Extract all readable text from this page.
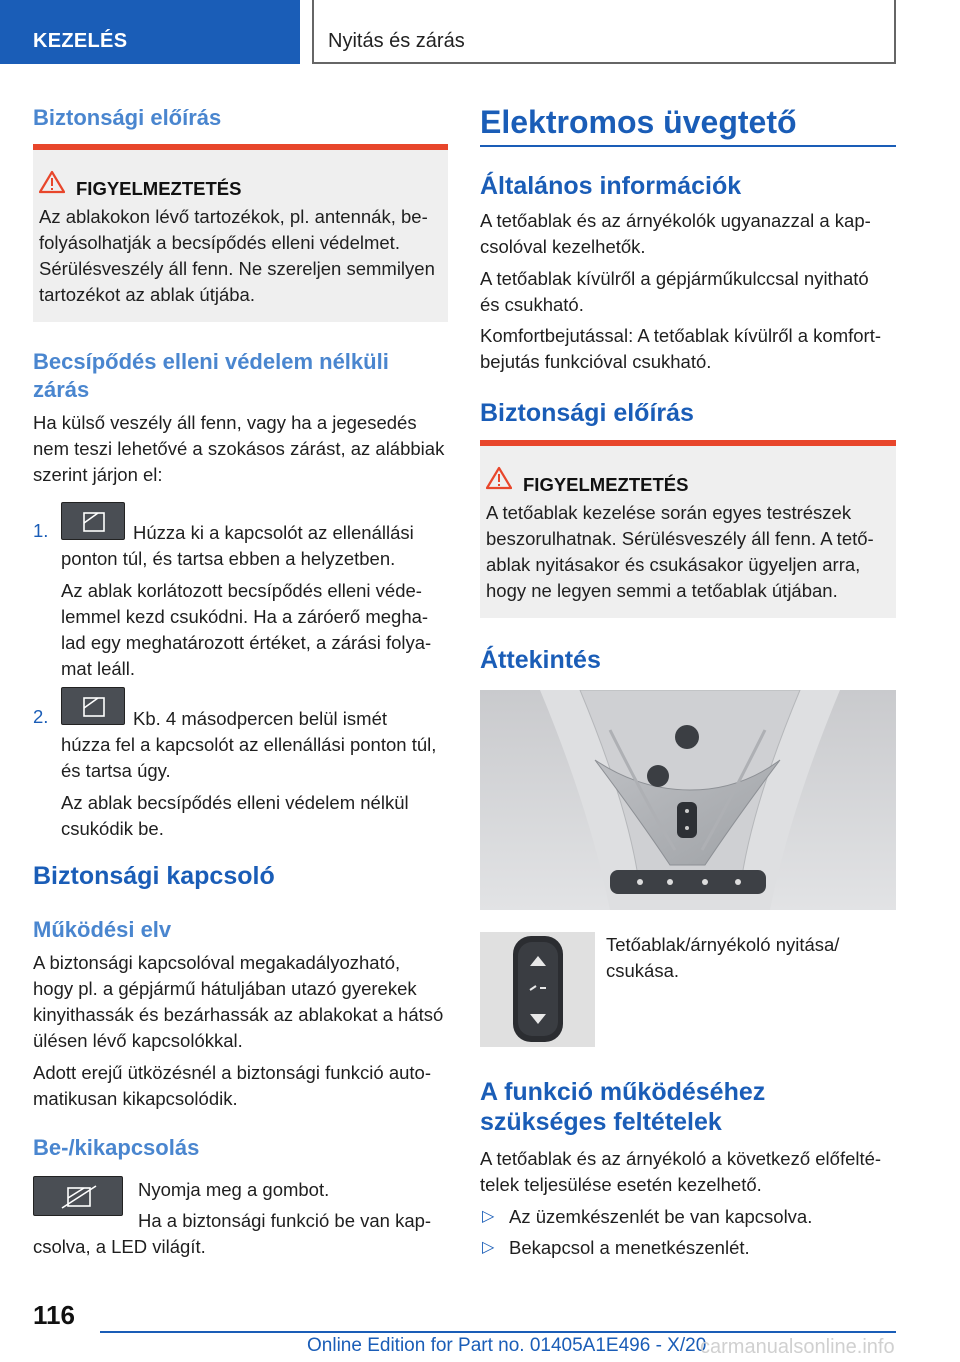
KEZELÉS	Nyitás és zárás
Biztonsági előírás
FIGYELMEZTETÉS
Az ablakokon lévő tartozékok, pl. antennák, be-
folyásolhatják a becsípődés elleni védelmet.
Sérülésveszély áll fenn. Ne szereljen semmilyen
tartozékot az ablak útjába.
Becsípődés elleni védelem nélküli
zárás
Ha külső veszély áll fenn, vagy ha a jegesedés
nem teszi lehetővé a szokásos zárást, az alábbiak
szerint járjon el:
1.	Húzza ki a kapcsolót az ellenállási
ponton túl, és tartsa ebben a helyzetben.
Az ablak korlátozott becsípődés elleni véde-
lemmel kezd csukódni. Ha a záróerő megha-
lad egy meghatározott értéket, a zárási folya-
mat leáll.
2.	Kb. 4 másodpercen belül ismét
húzza fel a kapcsolót az ellenállási ponton túl,
és tartsa úgy.
Az ablak becsípődés elleni védelem nélkül
csukódik be.
Biztonsági kapcsoló
Működési elv
A biztonsági kapcsolóval megakadályozható,
hogy pl. a gépjármű hátuljában utazó gyerekek
kinyithassák és bezárhassák az ablakokat a hátsó
ülésen lévő kapcsolókkal.
Adott erejű ütközésnél a biztonsági funkció auto-
matikusan kikapcsolódik.
Be-/kikapcsolás
Nyomja meg a gombot.
Ha a biztonsági funkció be van kap-
csolva, a LED világít.
Elektromos üvegtető
Általános információk
A tetőablak és az árnyékolók ugyanazzal a kap-
csolóval kezelhetők.
A tetőablak kívülről a gépjárműkulccsal nyitható
és csukható.
Komfortbejutással: A tetőablak kívülről a komfort-
bejutás funkcióval csukható.
Biztonsági előírás
FIGYELMEZTETÉS
A tetőablak kezelése során egyes testrészek
beszorulhatnak. Sérülésveszély áll fenn. A tető-
ablak nyitásakor és csukásakor ügyeljen arra,
hogy ne legyen semmi a tetőablak útjában.
Áttekintés
Tetőablak/árnyékoló nyitása/
csukása.
A funkció működéséhez
szükséges feltételek
A tetőablak és az árnyékoló a következő előfelté-
telek teljesülése esetén kezelhető.
▷ Az üzemkészenlét be van kapcsolva.
▷ Bekapcsol a menetkészenlét.
116
Online Edition for Part no. 01405A1E496 - X/20
carmanualsonline.info
